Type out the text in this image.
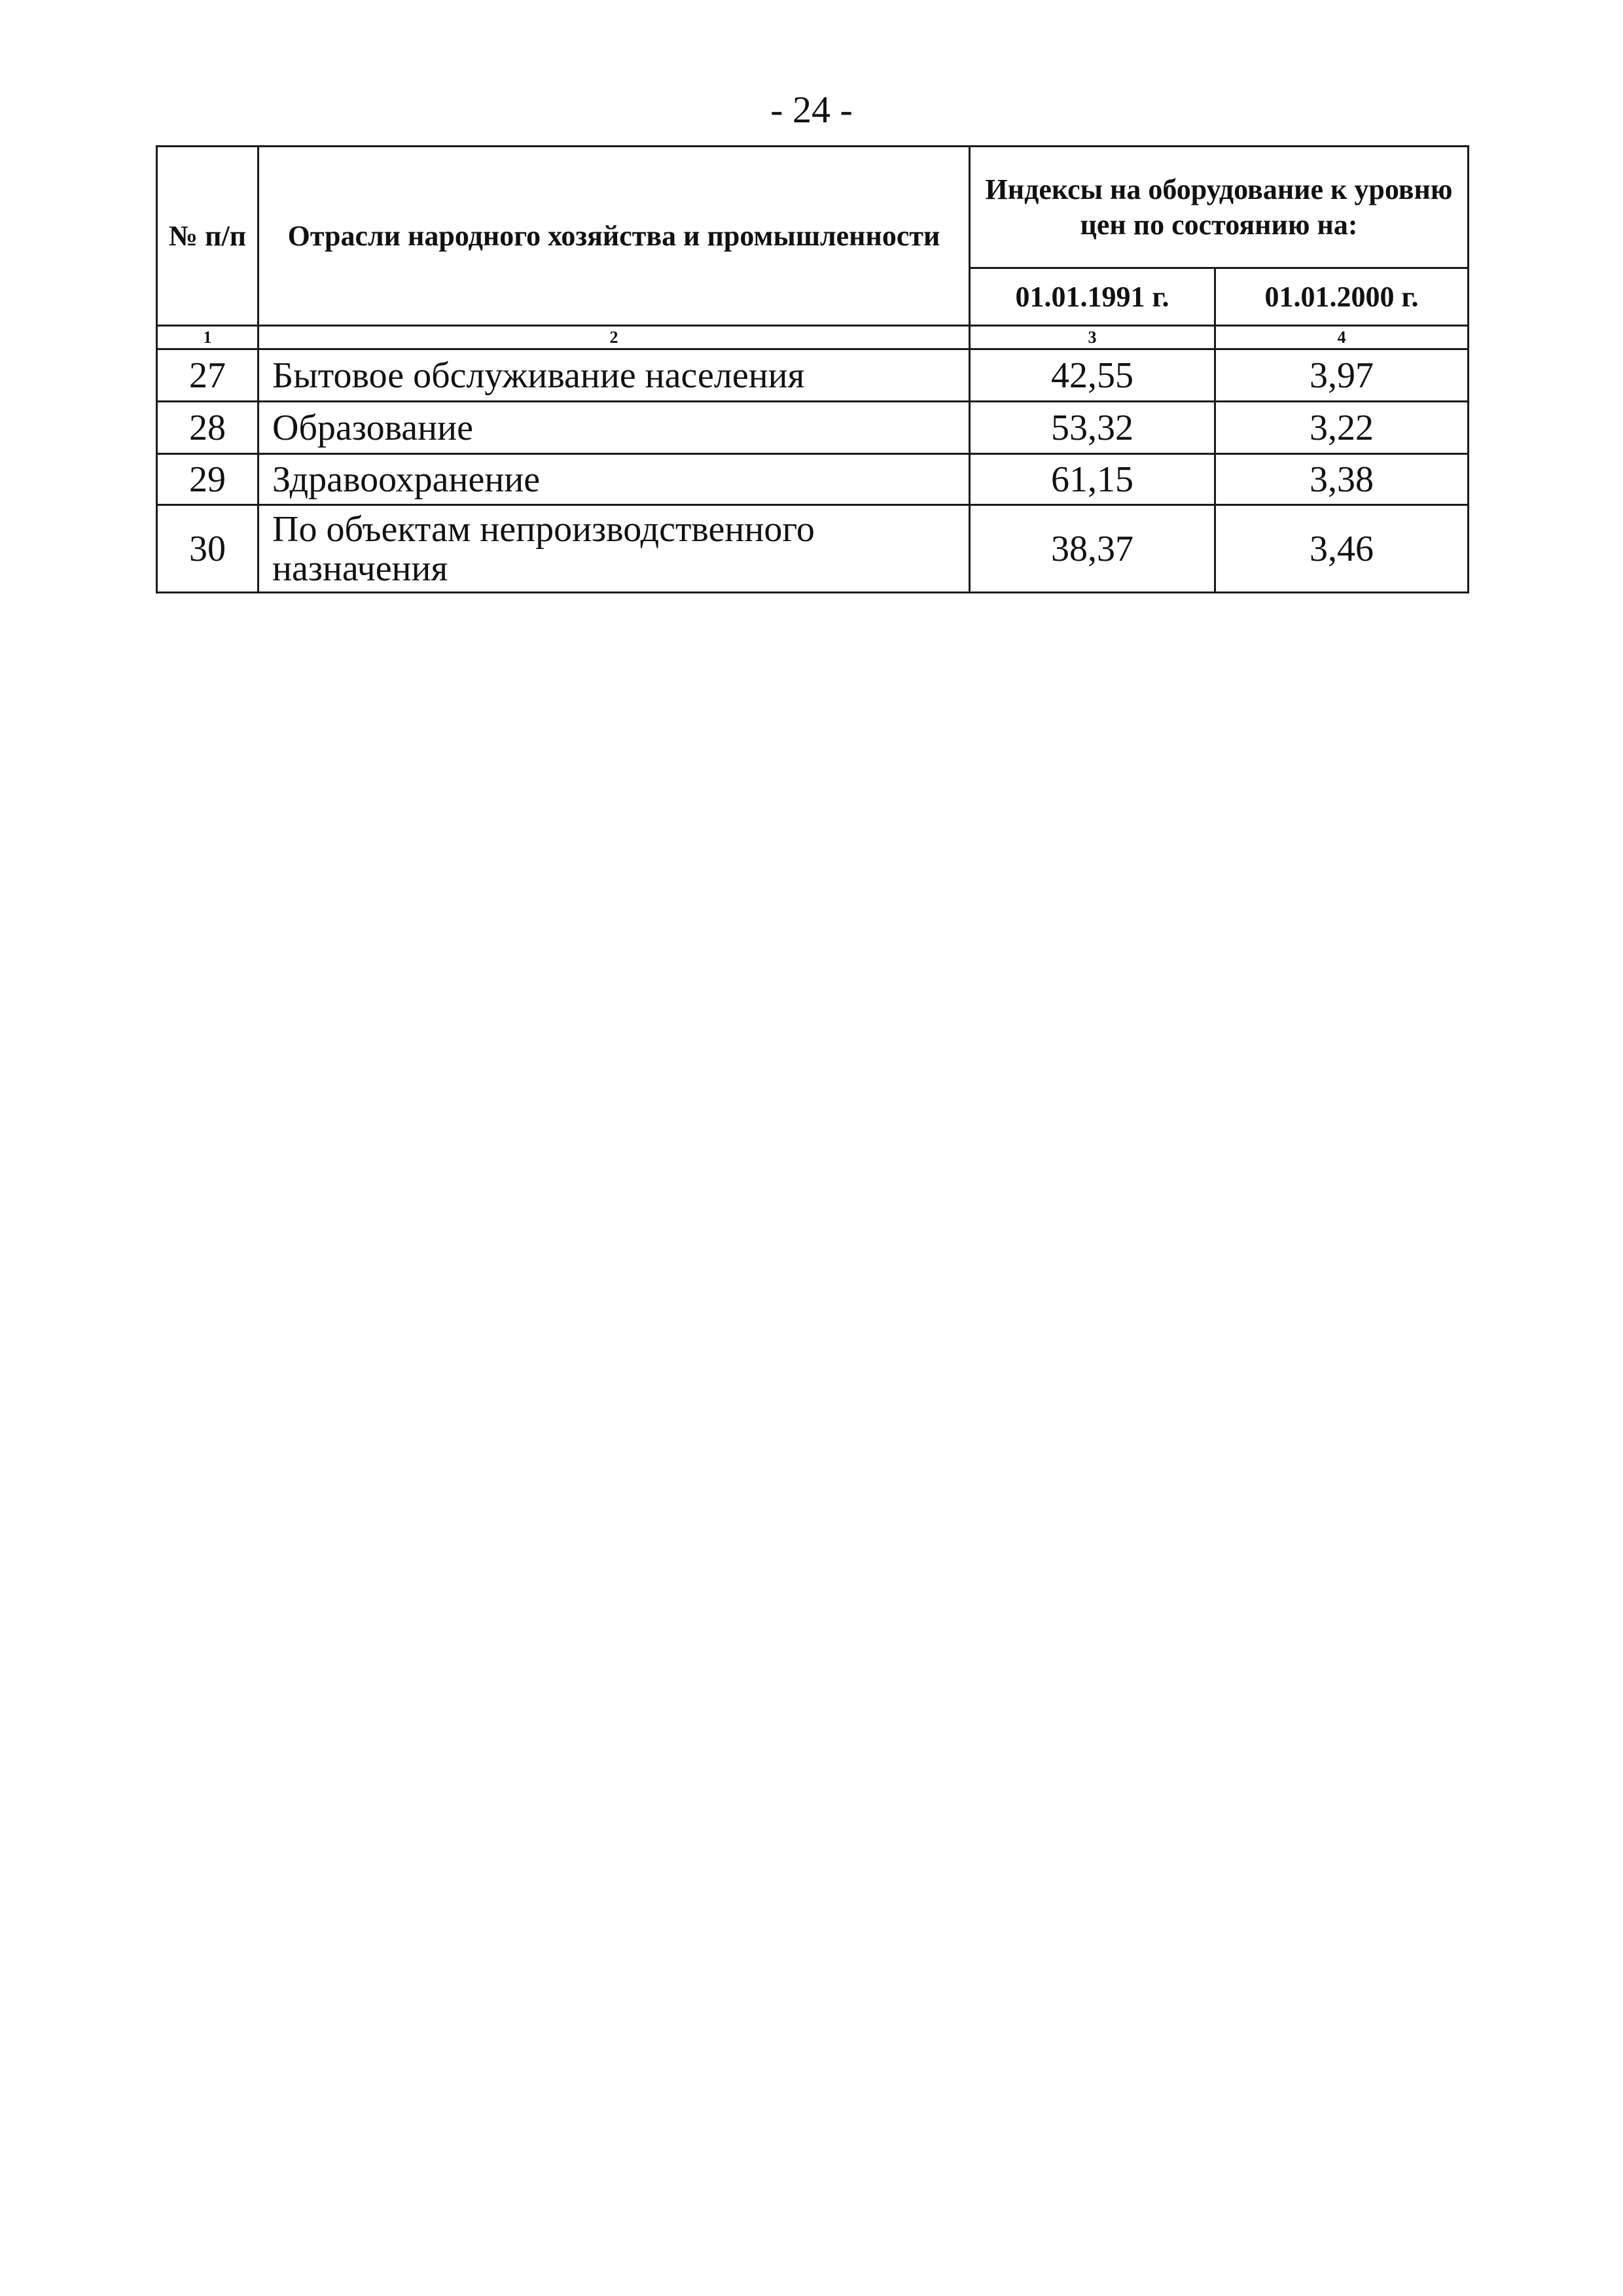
- 24 -
№ п/п	Отрасли народного хозяйства и промышленности	Индексы на оборудование к уровню цен по состоянию на:	
		01.01.1991 г.	01.01.2000 г.
1	2	3	4
27	Бытовое обслуживание населения	42,55	3,97
28	Образование	53,32	3,22
29	Здравоохранение	61,15	3,38
30	По объектам непроизводственного назначения	38,37	3,46
